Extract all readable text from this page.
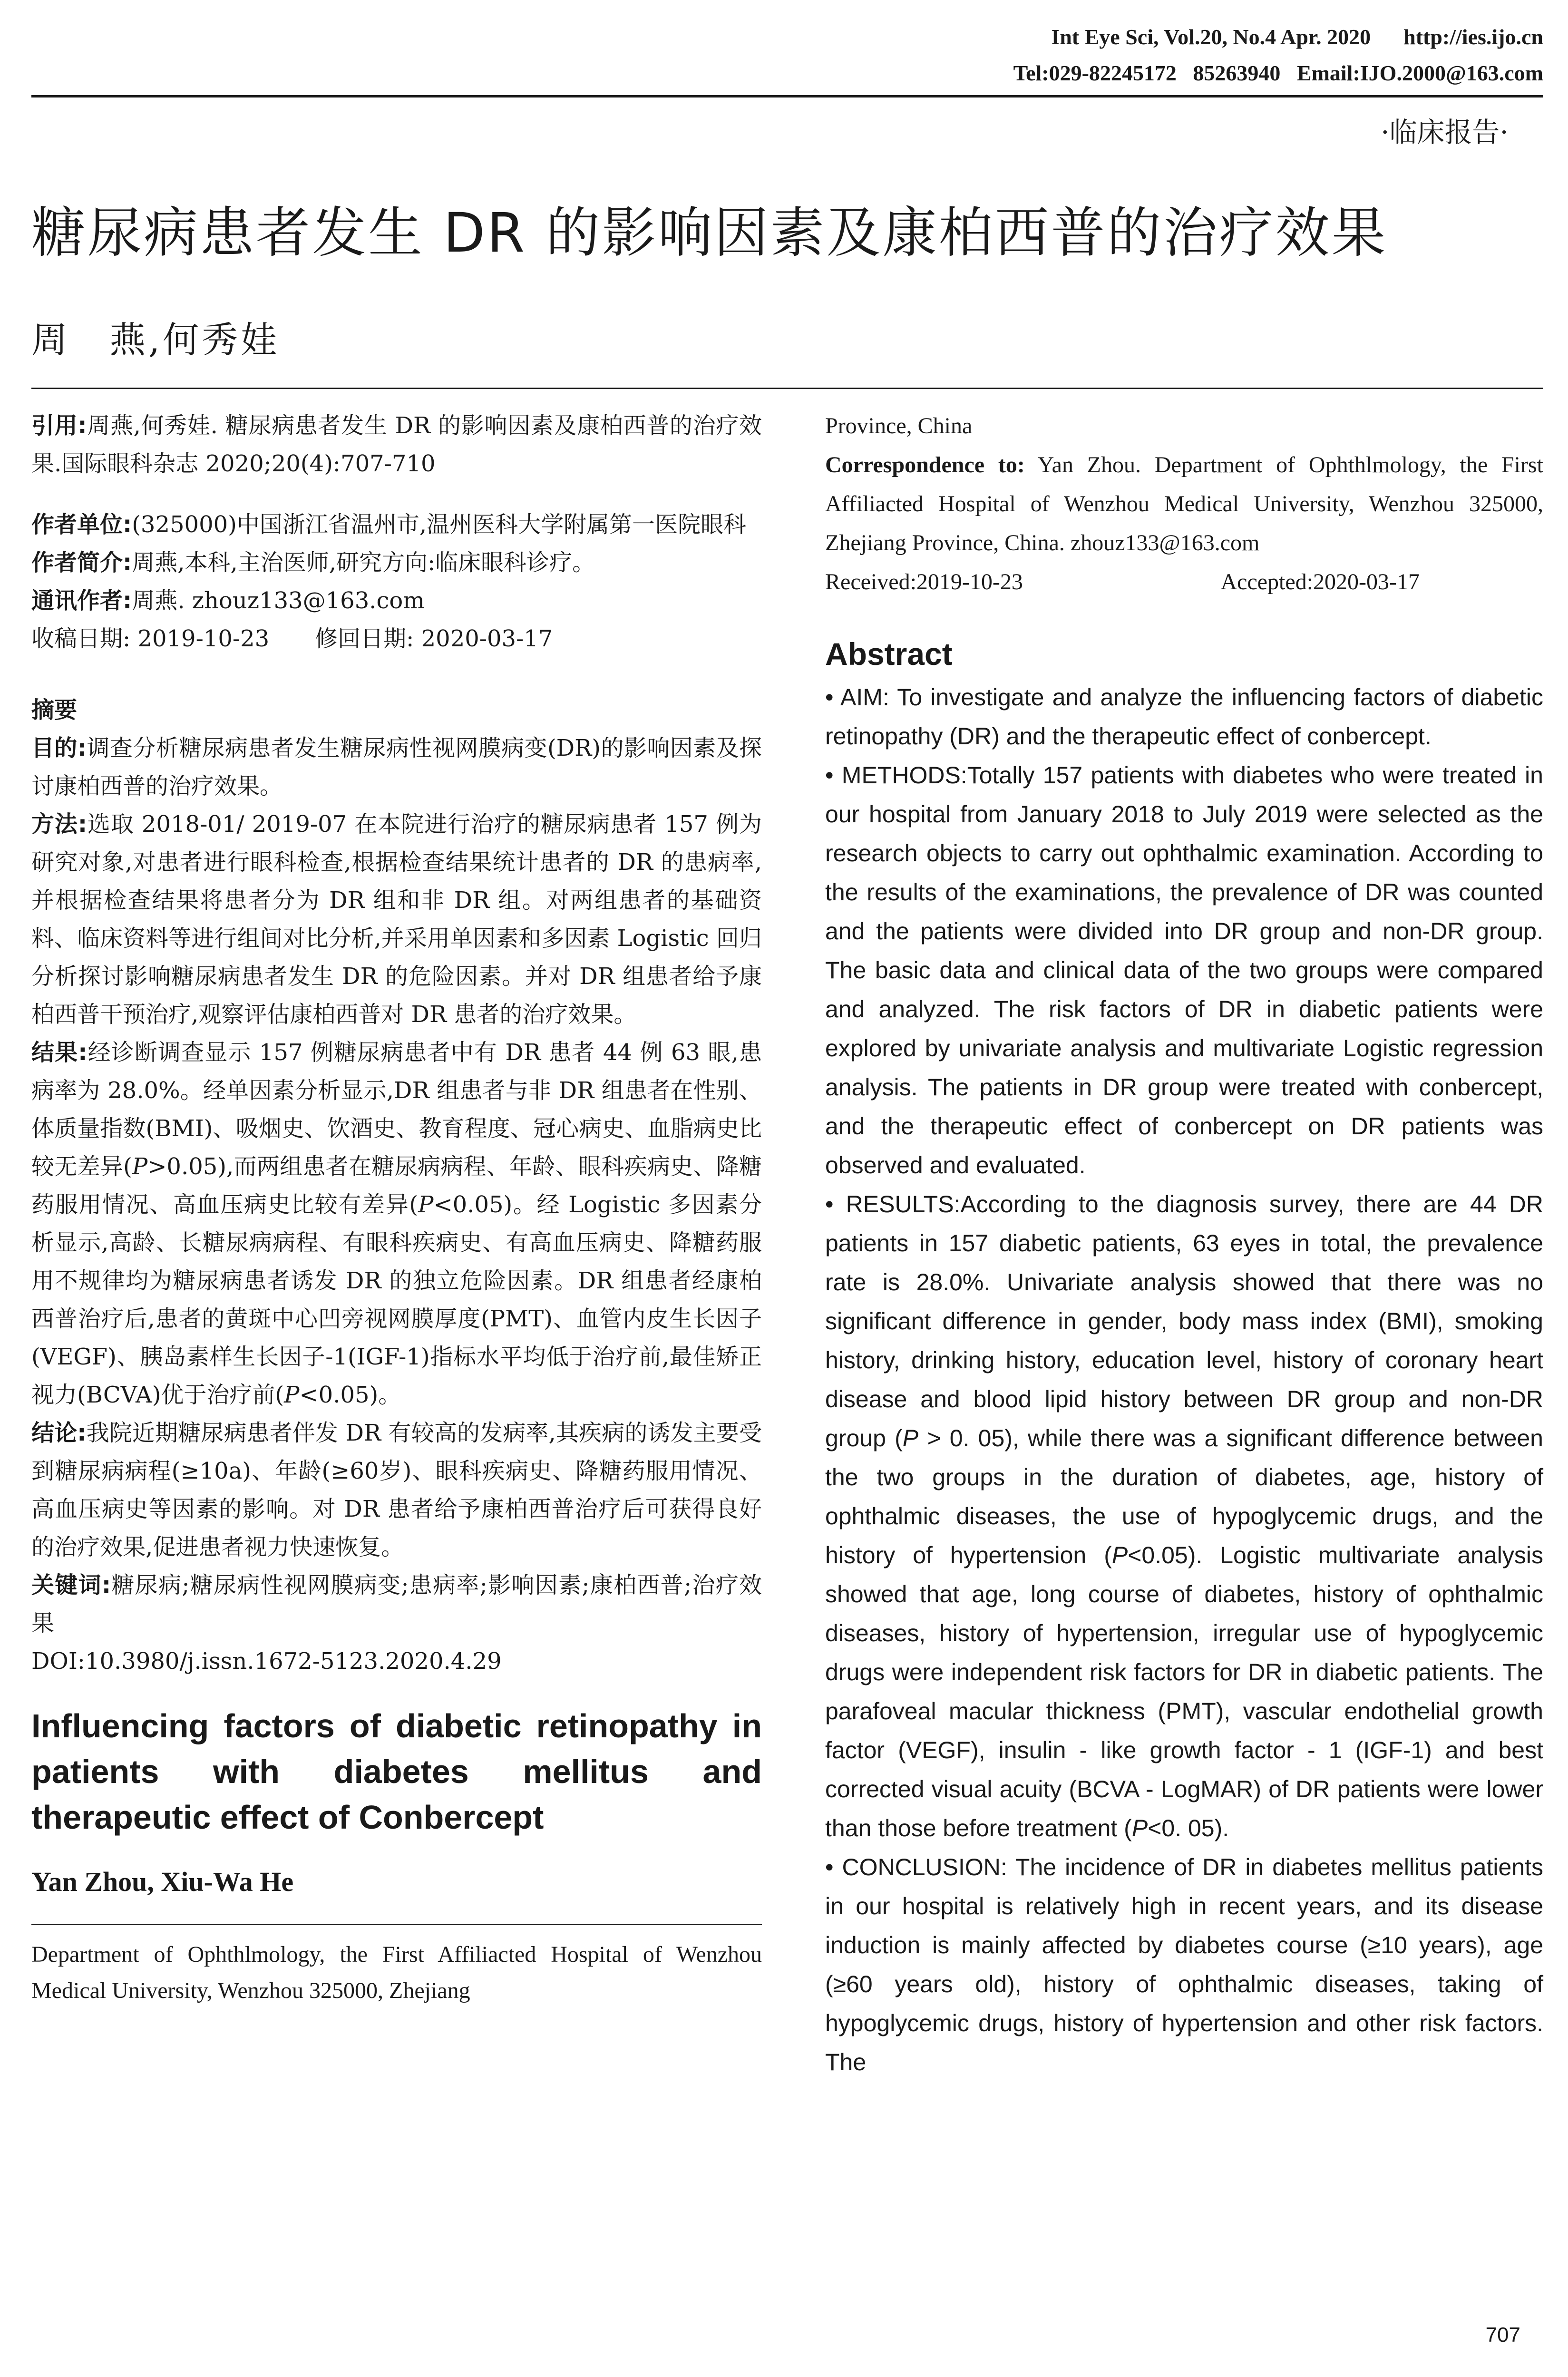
Int Eye Sci, Vol.20, No.4 Apr. 2020      http://ies.ijo.cn
Tel:029-82245172   85263940   Email:IJO.2000@163.com
·临床报告·
糖尿病患者发生 DR 的影响因素及康柏西普的治疗效果
周　燕,何秀娃

引用:周燕,何秀娃. 糖尿病患者发生 DR 的影响因素及康柏西普的治疗效果.国际眼科杂志 2020;20(4):707-710

作者单位:(325000)中国浙江省温州市,温州医科大学附属第一医院眼科

作者简介:周燕,本科,主治医师,研究方向:临床眼科诊疗。

通讯作者:周燕. zhouz133@163.com

收稿日期: 2019-10-23　　修回日期: 2020-03-17

摘要

目的:调查分析糖尿病患者发生糖尿病性视网膜病变(DR)的影响因素及探讨康柏西普的治疗效果。

方法:选取 2018-01/ 2019-07 在本院进行治疗的糖尿病患者 157 例为研究对象,对患者进行眼科检查,根据检查结果统计患者的 DR 的患病率,并根据检查结果将患者分为 DR 组和非 DR 组。对两组患者的基础资料、临床资料等进行组间对比分析,并采用单因素和多因素 Logistic 回归分析探讨影响糖尿病患者发生 DR 的危险因素。并对 DR 组患者给予康柏西普干预治疗,观察评估康柏西普对 DR 患者的治疗效果。

结果:经诊断调查显示 157 例糖尿病患者中有 DR 患者 44 例 63 眼,患病率为 28.0%。经单因素分析显示,DR 组患者与非 DR 组患者在性别、体质量指数(BMI)、吸烟史、饮酒史、教育程度、冠心病史、血脂病史比较无差异(P>0.05),而两组患者在糖尿病病程、年龄、眼科疾病史、降糖药服用情况、高血压病史比较有差异(P<0.05)。经 Logistic 多因素分析显示,高龄、长糖尿病病程、有眼科疾病史、有高血压病史、降糖药服用不规律均为糖尿病患者诱发 DR 的独立危险因素。DR 组患者经康柏西普治疗后,患者的黄斑中心凹旁视网膜厚度(PMT)、血管内皮生长因子(VEGF)、胰岛素样生长因子-1(IGF-1)指标水平均低于治疗前,最佳矫正视力(BCVA)优于治疗前(P<0.05)。

结论:我院近期糖尿病患者伴发 DR 有较高的发病率,其疾病的诱发主要受到糖尿病病程(≥10a)、年龄(≥60岁)、眼科疾病史、降糖药服用情况、高血压病史等因素的影响。对 DR 患者给予康柏西普治疗后可获得良好的治疗效果,促进患者视力快速恢复。

关键词:糖尿病;糖尿病性视网膜病变;患病率;影响因素;康柏西普;治疗效果

DOI:10.3980/j.issn.1672-5123.2020.4.29

Influencing factors of diabetic retinopathy in patients with diabetes mellitus and therapeutic effect of Conbercept

Yan Zhou, Xiu-Wa He

Department of Ophthlmology, the First Affiliacted Hospital of Wenzhou Medical University, Wenzhou 325000, Zhejiang

Province, China

Correspondence to: Yan Zhou. Department of Ophthlmology, the First Affiliacted Hospital of Wenzhou Medical University, Wenzhou 325000, Zhejiang Province, China. zhouz133@163.com

Received:2019-10-23	Accepted:2020-03-17

Abstract

• AIM: To investigate and analyze the influencing factors of diabetic retinopathy (DR) and the therapeutic effect of conbercept.

• METHODS:Totally 157 patients with diabetes who were treated in our hospital from January 2018 to July 2019 were selected as the research objects to carry out ophthalmic examination. According to the results of the examinations, the prevalence of DR was counted and the patients were divided into DR group and non-DR group. The basic data and clinical data of the two groups were compared and analyzed. The risk factors of DR in diabetic patients were explored by univariate analysis and multivariate Logistic regression analysis. The patients in DR group were treated with conbercept, and the therapeutic effect of conbercept on DR patients was observed and evaluated.

• RESULTS:According to the diagnosis survey, there are 44 DR patients in 157 diabetic patients, 63 eyes in total, the prevalence rate is 28.0%. Univariate analysis showed that there was no significant difference in gender, body mass index (BMI), smoking history, drinking history, education level, history of coronary heart disease and blood lipid history between DR group and non-DR group (P > 0. 05), while there was a significant difference between the two groups in the duration of diabetes, age, history of ophthalmic diseases, the use of hypoglycemic drugs, and the history of hypertension (P<0.05). Logistic multivariate analysis showed that age, long course of diabetes, history of ophthalmic diseases, history of hypertension, irregular use of hypoglycemic drugs were independent risk factors for DR in diabetic patients. The parafoveal macular thickness (PMT), vascular endothelial growth factor (VEGF), insulin - like growth factor - 1 (IGF-1) and best corrected visual acuity (BCVA - LogMAR) of DR patients were lower than those before treatment (P<0. 05).

• CONCLUSION: The incidence of DR in diabetes mellitus patients in our hospital is relatively high in recent years, and its disease induction is mainly affected by diabetes course (≥10 years), age (≥60 years old), history of ophthalmic diseases, taking of hypoglycemic drugs, history of hypertension and other risk factors. The

707
